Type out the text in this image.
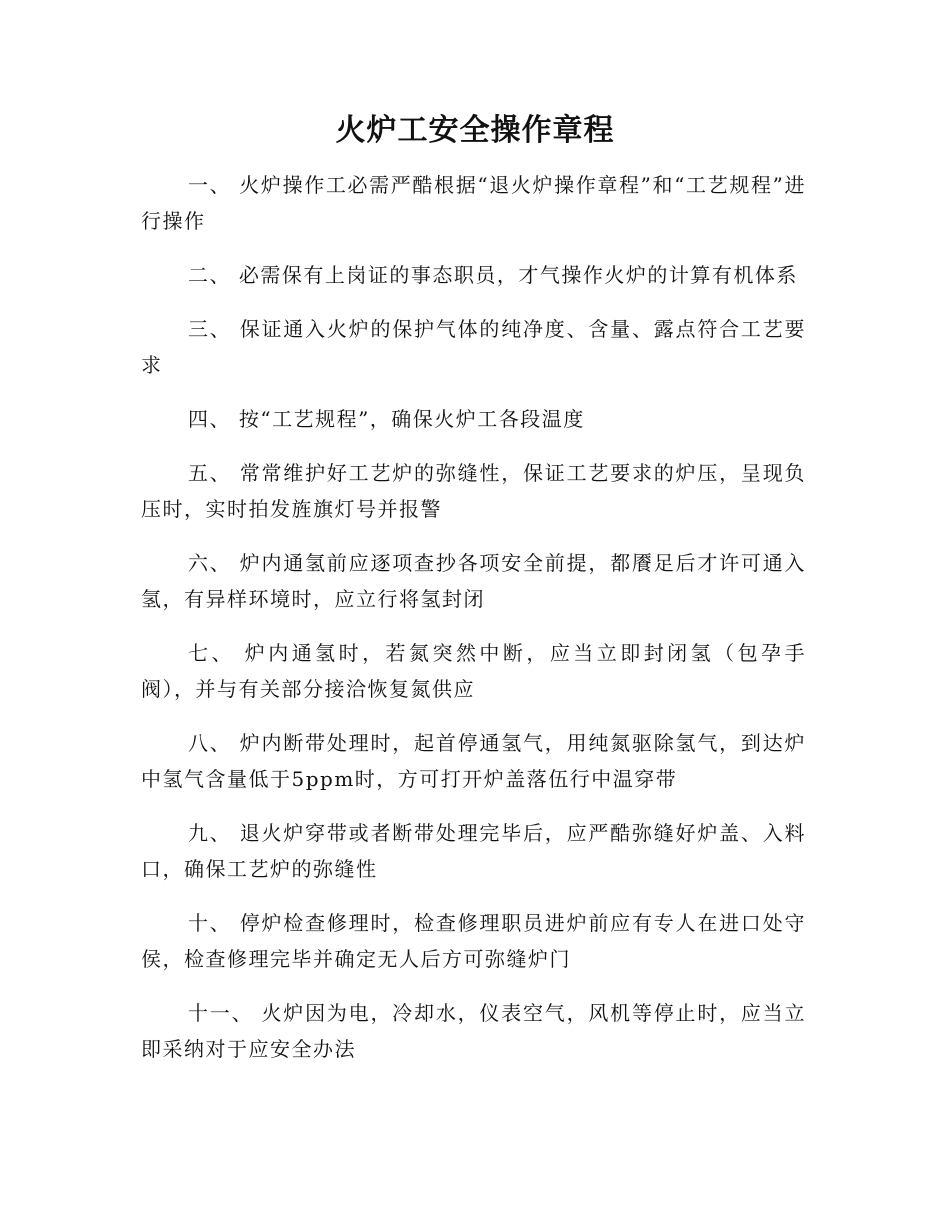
火炉工安全操作章程
一、 火炉操作工必需严酷根据“退火炉操作章程”和“工艺规程”进行操作
二、 必需保有上岗证的事态职员，才气操作火炉的计算有机体系
三、 保证通入火炉的保护气体的纯净度、含量、露点符合工艺要求
四、 按“工艺规程”，确保火炉工各段温度
五、 常常维护好工艺炉的弥缝性，保证工艺要求的炉压，呈现负压时，实时拍发旌旗灯号并报警
六、 炉内通氢前应逐项查抄各项安全前提，都餍足后才许可通入氢，有异样环境时，应立行将氢封闭
七、 炉内通氢时，若氮突然中断，应当立即封闭氢（包孕手阀），并与有关部分接洽恢复氮供应
八、 炉内断带处理时，起首停通氢气，用纯氮驱除氢气，到达炉中氢气含量低于5ppm时，方可打开炉盖落伍行中温穿带
九、 退火炉穿带或者断带处理完毕后，应严酷弥缝好炉盖、入料口，确保工艺炉的弥缝性
十、 停炉检查修理时，检查修理职员进炉前应有专人在进口处守侯，检查修理完毕并确定无人后方可弥缝炉门
十一、 火炉因为电，冷却水，仪表空气，风机等停止时，应当立即采纳对于应安全办法
